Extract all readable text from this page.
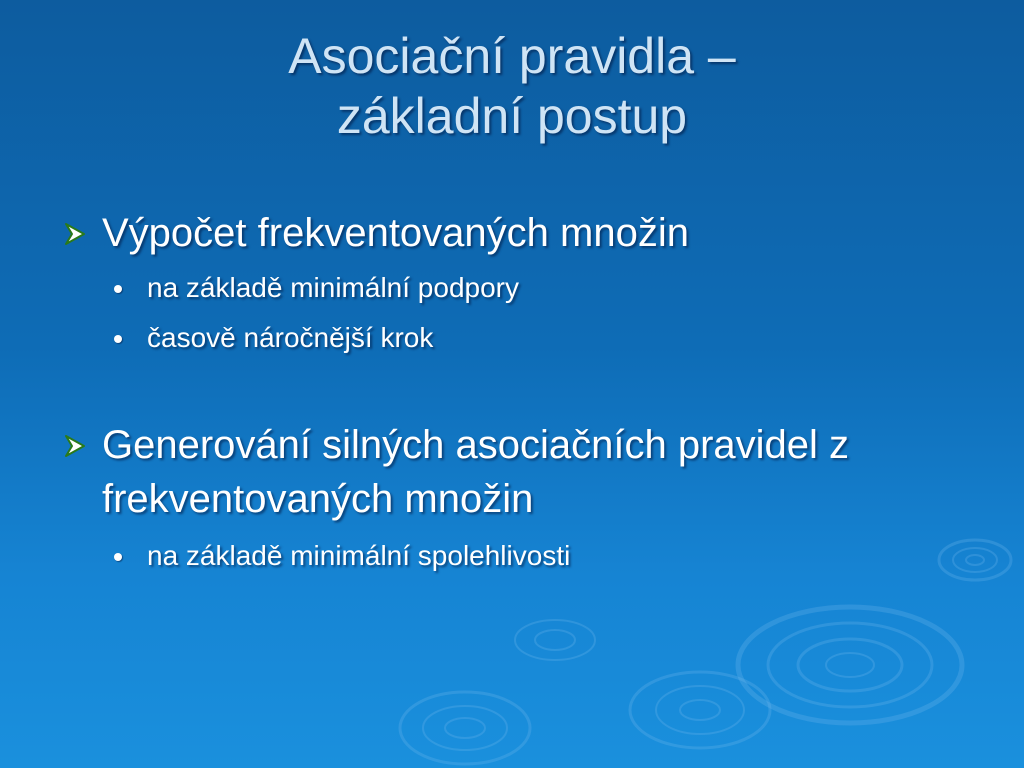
Asociační pravidla –
základní postup
Výpočet frekventovaných množin
na základě minimální podpory
časově náročnější krok
Generování silných asociačních pravidel z
frekventovaných množin
na základě minimální spolehlivosti
